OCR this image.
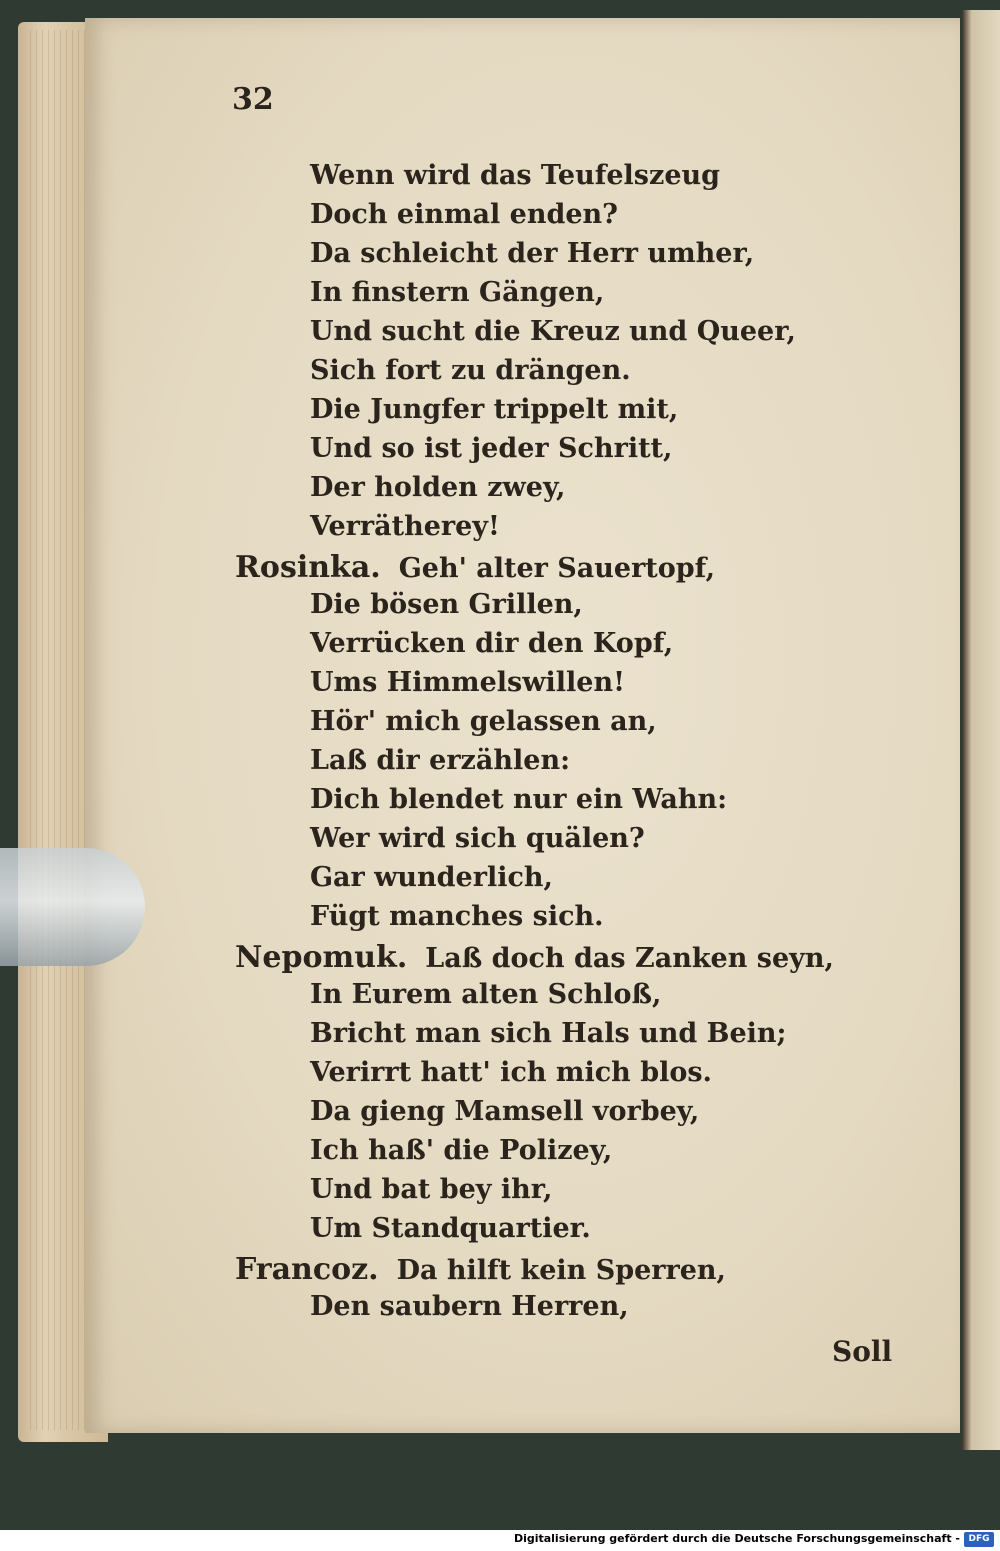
32
Wenn wird das Teufelszeug
Doch einmal enden?
Da schleicht der Herr umher,
In finstern Gängen,
Und sucht die Kreuz und Queer,
Sich fort zu drängen.
Die Jungfer trippelt mit,
Und so ist jeder Schritt,
Der holden zwey,
Verrätherey!
Rosinka. Geh' alter Sauertopf,
Die bösen Grillen,
Verrücken dir den Kopf,
Ums Himmelswillen!
Hör' mich gelassen an,
Laß dir erzählen:
Dich blendet nur ein Wahn:
Wer wird sich quälen?
Gar wunderlich,
Fügt manches sich.
Nepomuk. Laß doch das Zanken seyn,
In Eurem alten Schloß,
Bricht man sich Hals und Bein;
Verirrt hatt' ich mich blos.
Da gieng Mamsell vorbey,
Ich haß' die Polizey,
Und bat bey ihr,
Um Standquartier.
Francoz. Da hilft kein Sperren,
Den saubern Herren,
Soll
Digitalisierung gefördert durch die Deutsche Forschungsgemeinschaft - DFG
